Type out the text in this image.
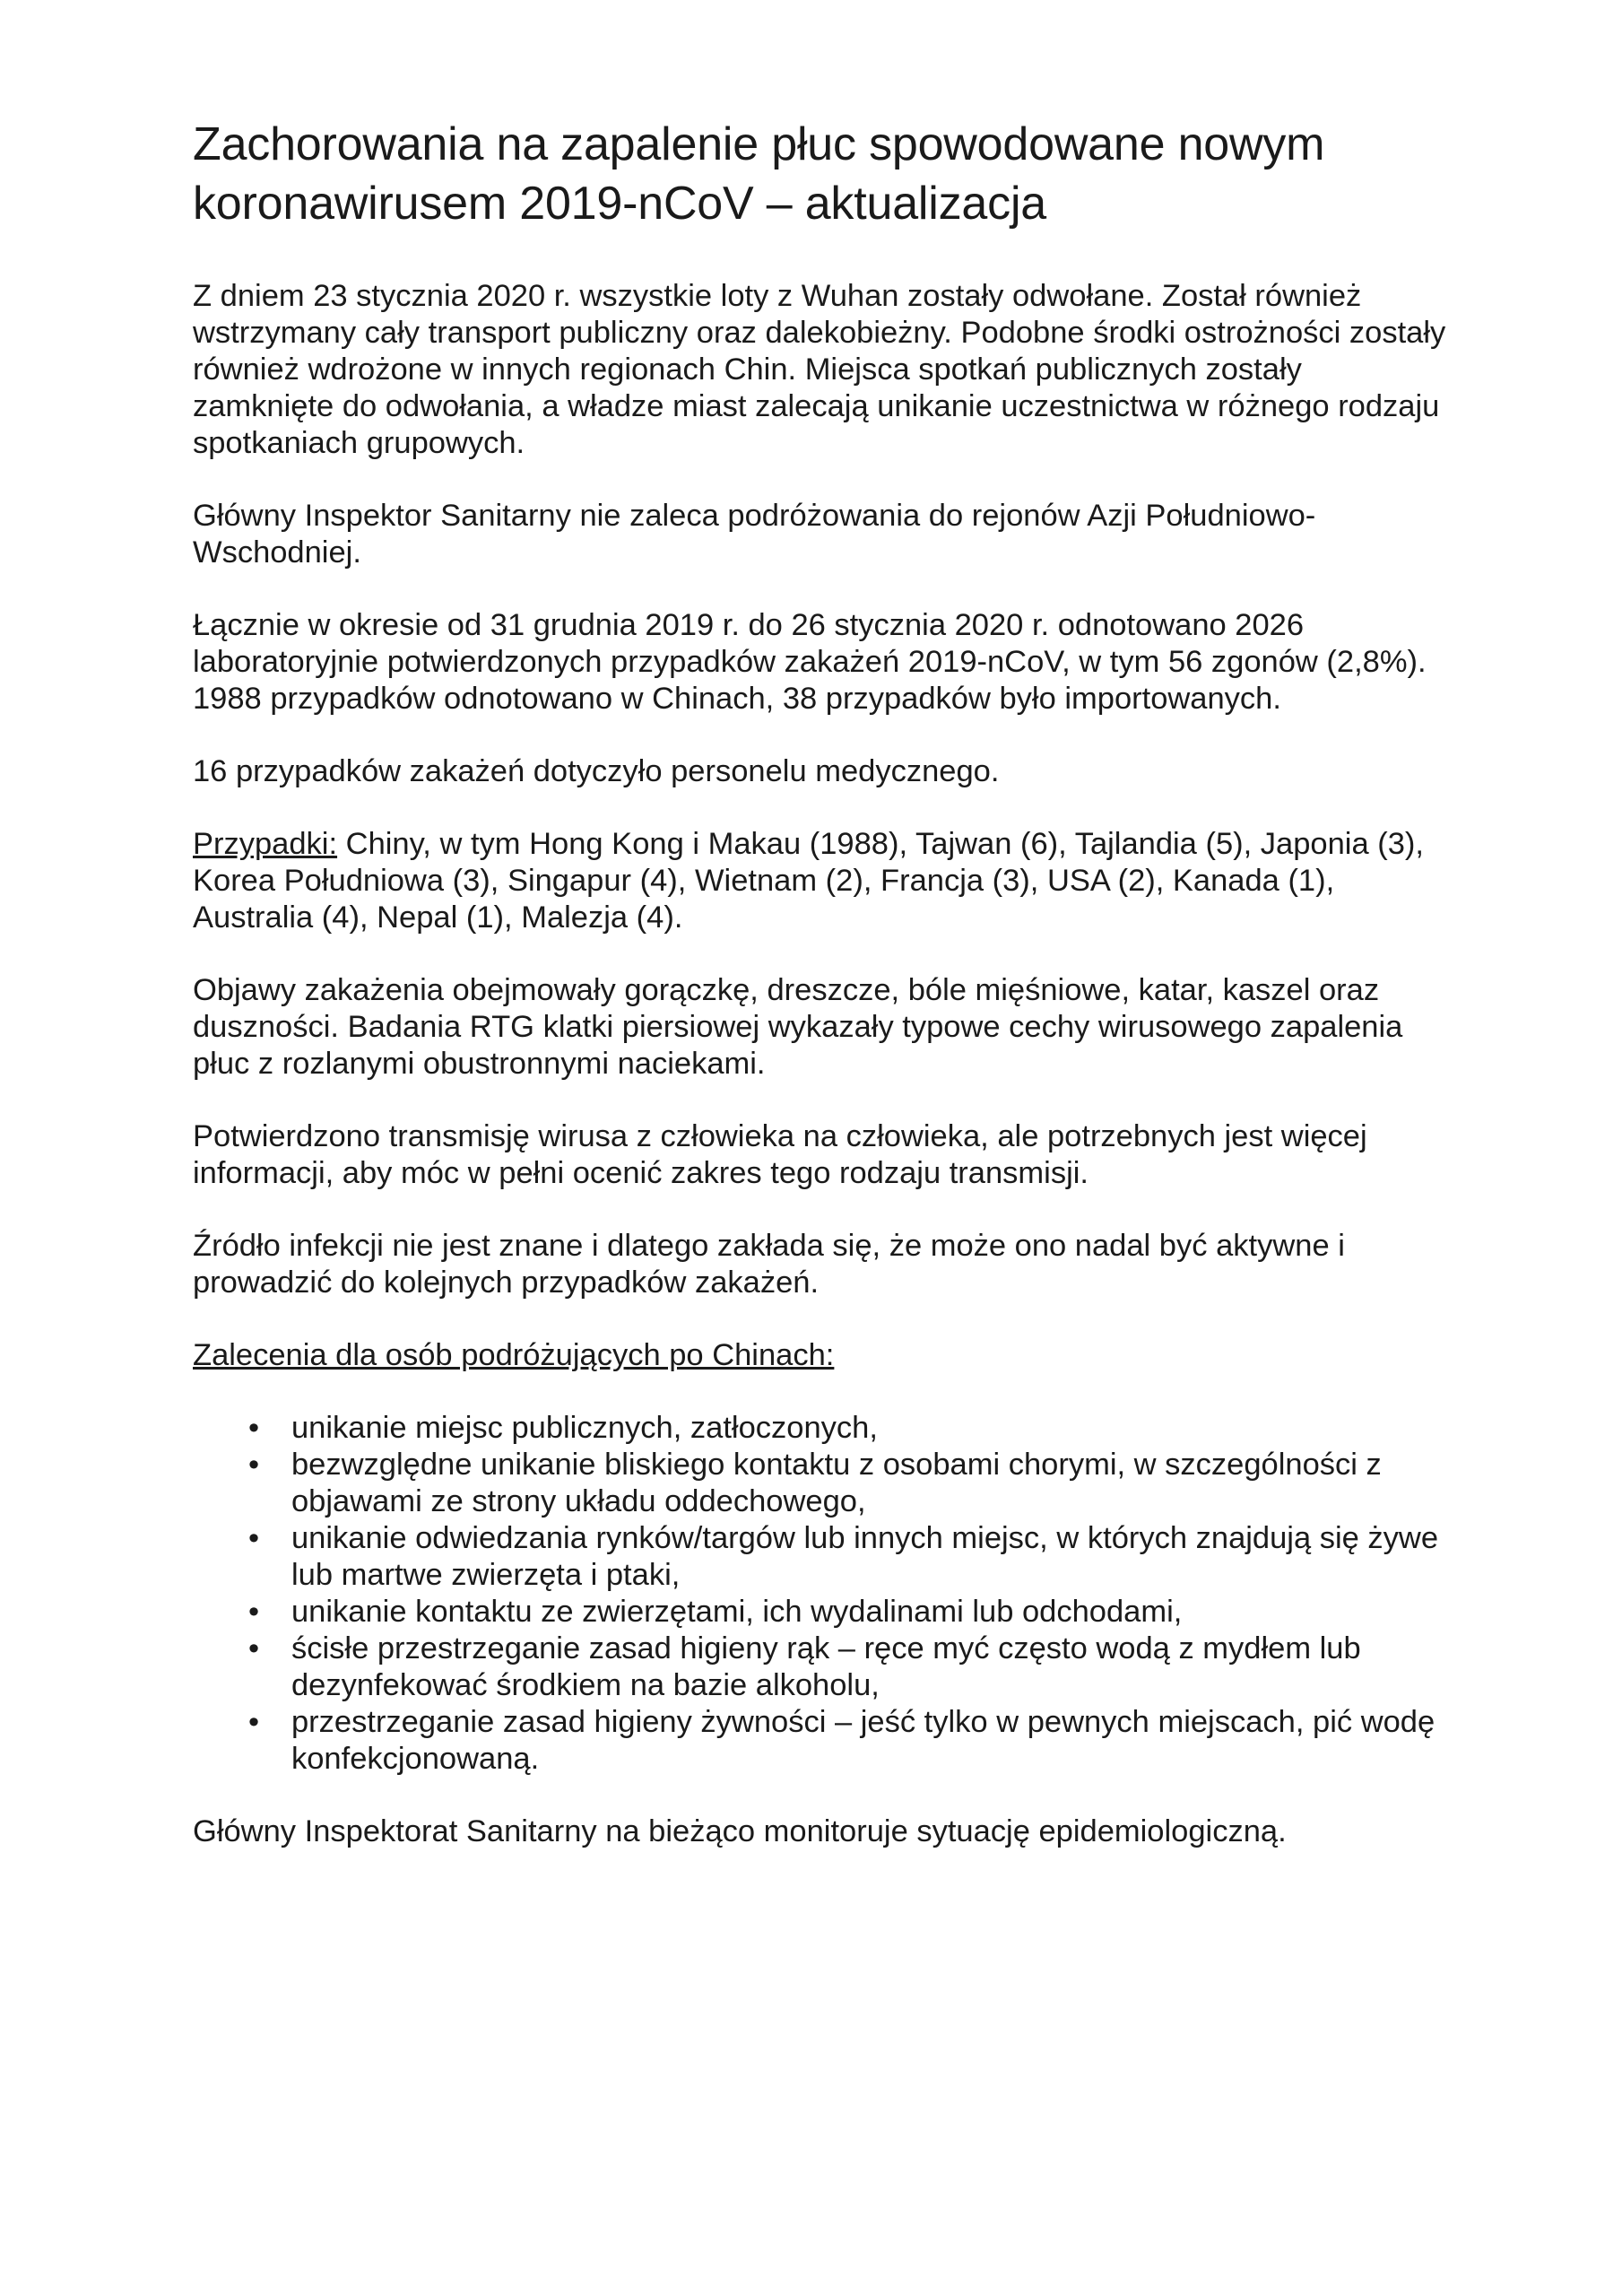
Zachorowania na zapalenie płuc spowodowane nowym koronawirusem 2019-nCoV – aktualizacja

Z dniem 23 stycznia 2020 r. wszystkie loty z Wuhan zostały odwołane. Został również wstrzymany cały transport publiczny oraz dalekobieżny. Podobne środki ostrożności zostały również wdrożone w innych regionach Chin. Miejsca spotkań publicznych zostały zamknięte do odwołania, a władze miast zalecają unikanie uczestnictwa w różnego rodzaju spotkaniach grupowych.

Główny Inspektor Sanitarny nie zaleca podróżowania do rejonów Azji Południowo-Wschodniej.

Łącznie w okresie od 31 grudnia 2019 r. do 26 stycznia 2020 r. odnotowano 2026 laboratoryjnie potwierdzonych przypadków zakażeń 2019-nCoV, w tym 56 zgonów (2,8%). 1988 przypadków odnotowano w Chinach, 38 przypadków było importowanych.

16 przypadków zakażeń dotyczyło personelu medycznego.

Przypadki: Chiny, w tym Hong Kong i Makau (1988), Tajwan (6), Tajlandia (5), Japonia (3), Korea Południowa (3), Singapur (4), Wietnam (2), Francja (3), USA (2), Kanada (1), Australia (4), Nepal (1), Malezja (4).

Objawy zakażenia obejmowały gorączkę, dreszcze, bóle mięśniowe, katar, kaszel oraz duszności. Badania RTG klatki piersiowej wykazały typowe cechy wirusowego zapalenia płuc z rozlanymi obustronnymi naciekami.

Potwierdzono transmisję wirusa z człowieka na człowieka, ale potrzebnych jest więcej informacji, aby móc w pełni ocenić zakres tego rodzaju transmisji.

Źródło infekcji nie jest znane i dlatego zakłada się, że może ono nadal być aktywne i prowadzić do kolejnych przypadków zakażeń.

Zalecenia dla osób podróżujących po Chinach:

• unikanie miejsc publicznych, zatłoczonych,
• bezwzględne unikanie bliskiego kontaktu z osobami chorymi, w szczególności z objawami ze strony układu oddechowego,
• unikanie odwiedzania rynków/targów lub innych miejsc, w których znajdują się żywe lub martwe zwierzęta i ptaki,
• unikanie kontaktu ze zwierzętami, ich wydalinami lub odchodami,
• ścisłe przestrzeganie zasad higieny rąk – ręce myć często wodą z mydłem lub dezynfekować środkiem na bazie alkoholu,
• przestrzeganie zasad higieny żywności – jeść tylko w pewnych miejscach, pić wodę konfekcjonowaną.

Główny Inspektorat Sanitarny na bieżąco monitoruje sytuację epidemiologiczną.
